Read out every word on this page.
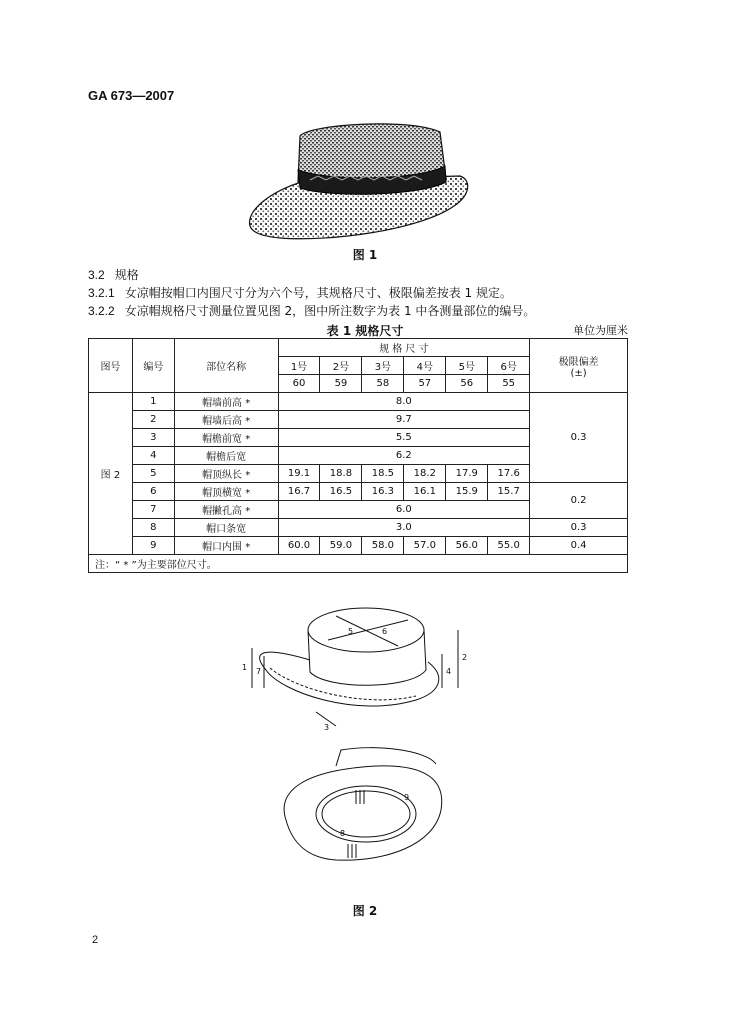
GA 673—2007
图 1
3.2 规格
3.2.1 女凉帽按帽口内围尺寸分为六个号，其规格尺寸、极限偏差按表 1 规定。
3.2.2 女凉帽规格尺寸测量位置见图 2，图中所注数字为表 1 中各测量部位的编号。
表 1 规格尺寸	单位为厘米
图号	编号	部位名称	规 格 尺 寸						极限偏差
(±)
			1号	2号	3号	4号	5号	6号	
			60	59	58	57	56	55	
图 2	1	帽墙前高 *	8.0						0.3
	2	帽墙后高 *	9.7						
	3	帽檐前宽 *	5.5						
	4	帽檐后宽	6.2						
	5	帽顶纵长 *	19.1	18.8	18.5	18.2	17.9	17.6	
	6	帽顶横宽 *	16.7	16.5	16.3	16.1	15.9	15.7	0.2
	7	帽撇孔高 *	6.0						
	8	帽口条宽	3.0						0.3
	9	帽口内围 *	60.0	59.0	58.0	57.0	56.0	55.0	0.4
注：“ * ”为主要部位尺寸。									
5	6
1 7
2
4
3
9
8
图 2
2
